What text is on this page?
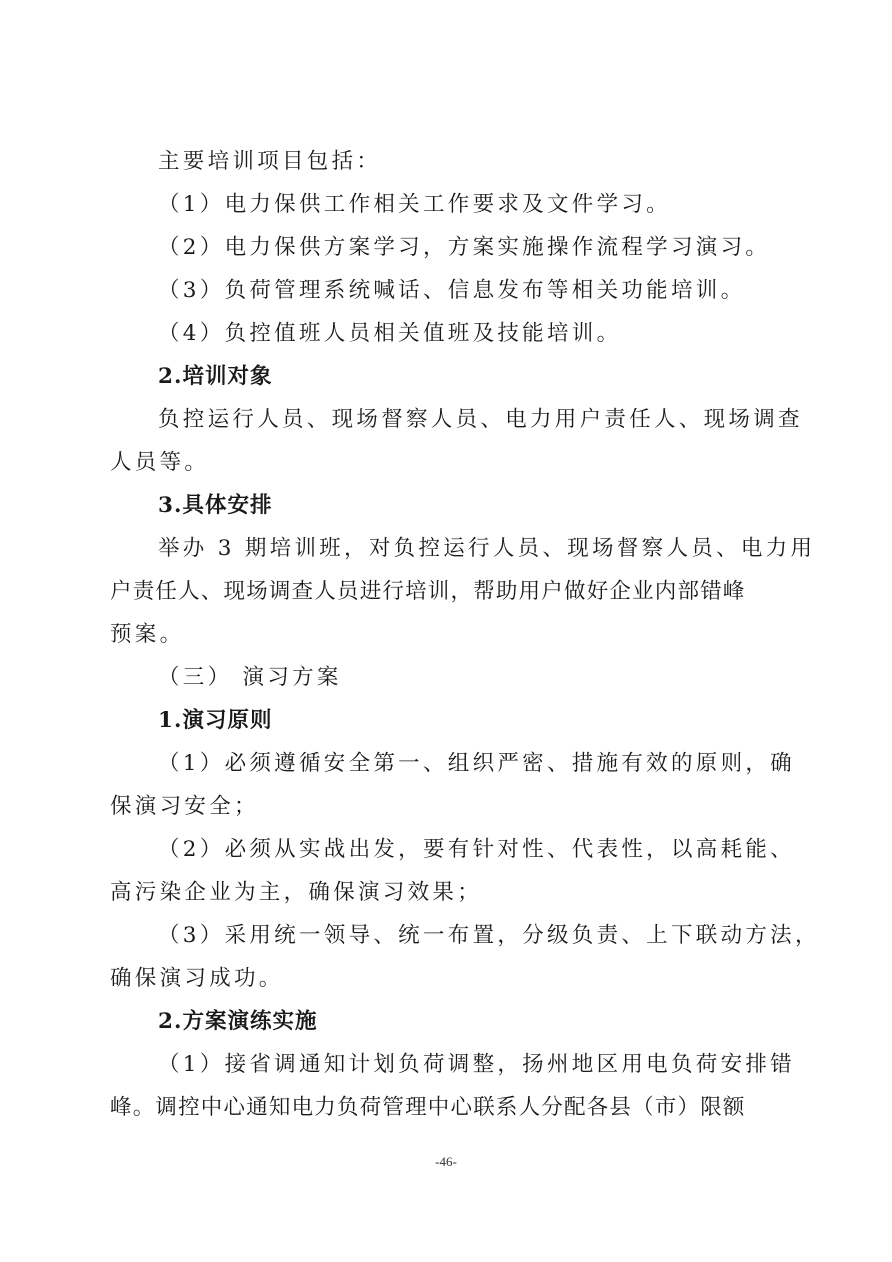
主要培训项目包括：
（1）电力保供工作相关工作要求及文件学习。
（2）电力保供方案学习，方案实施操作流程学习演习。
（3）负荷管理系统喊话、信息发布等相关功能培训。
（4）负控值班人员相关值班及技能培训。
2.培训对象
负控运行人员、现场督察人员、电力用户责任人、现场调查
人员等。
3.具体安排
举办 3 期培训班，对负控运行人员、现场督察人员、电力用
户责任人、现场调查人员进行培训，帮助用户做好企业内部错峰
预案。
（三） 演习方案
1.演习原则
（1）必须遵循安全第一、组织严密、措施有效的原则，确
保演习安全；
（2）必须从实战出发，要有针对性、代表性，以高耗能、
高污染企业为主，确保演习效果；
（3）采用统一领导、统一布置，分级负责、上下联动方法，
确保演习成功。
2.方案演练实施
（1）接省调通知计划负荷调整，扬州地区用电负荷安排错
峰。调控中心通知电力负荷管理中心联系人分配各县（市）限额
-46-
